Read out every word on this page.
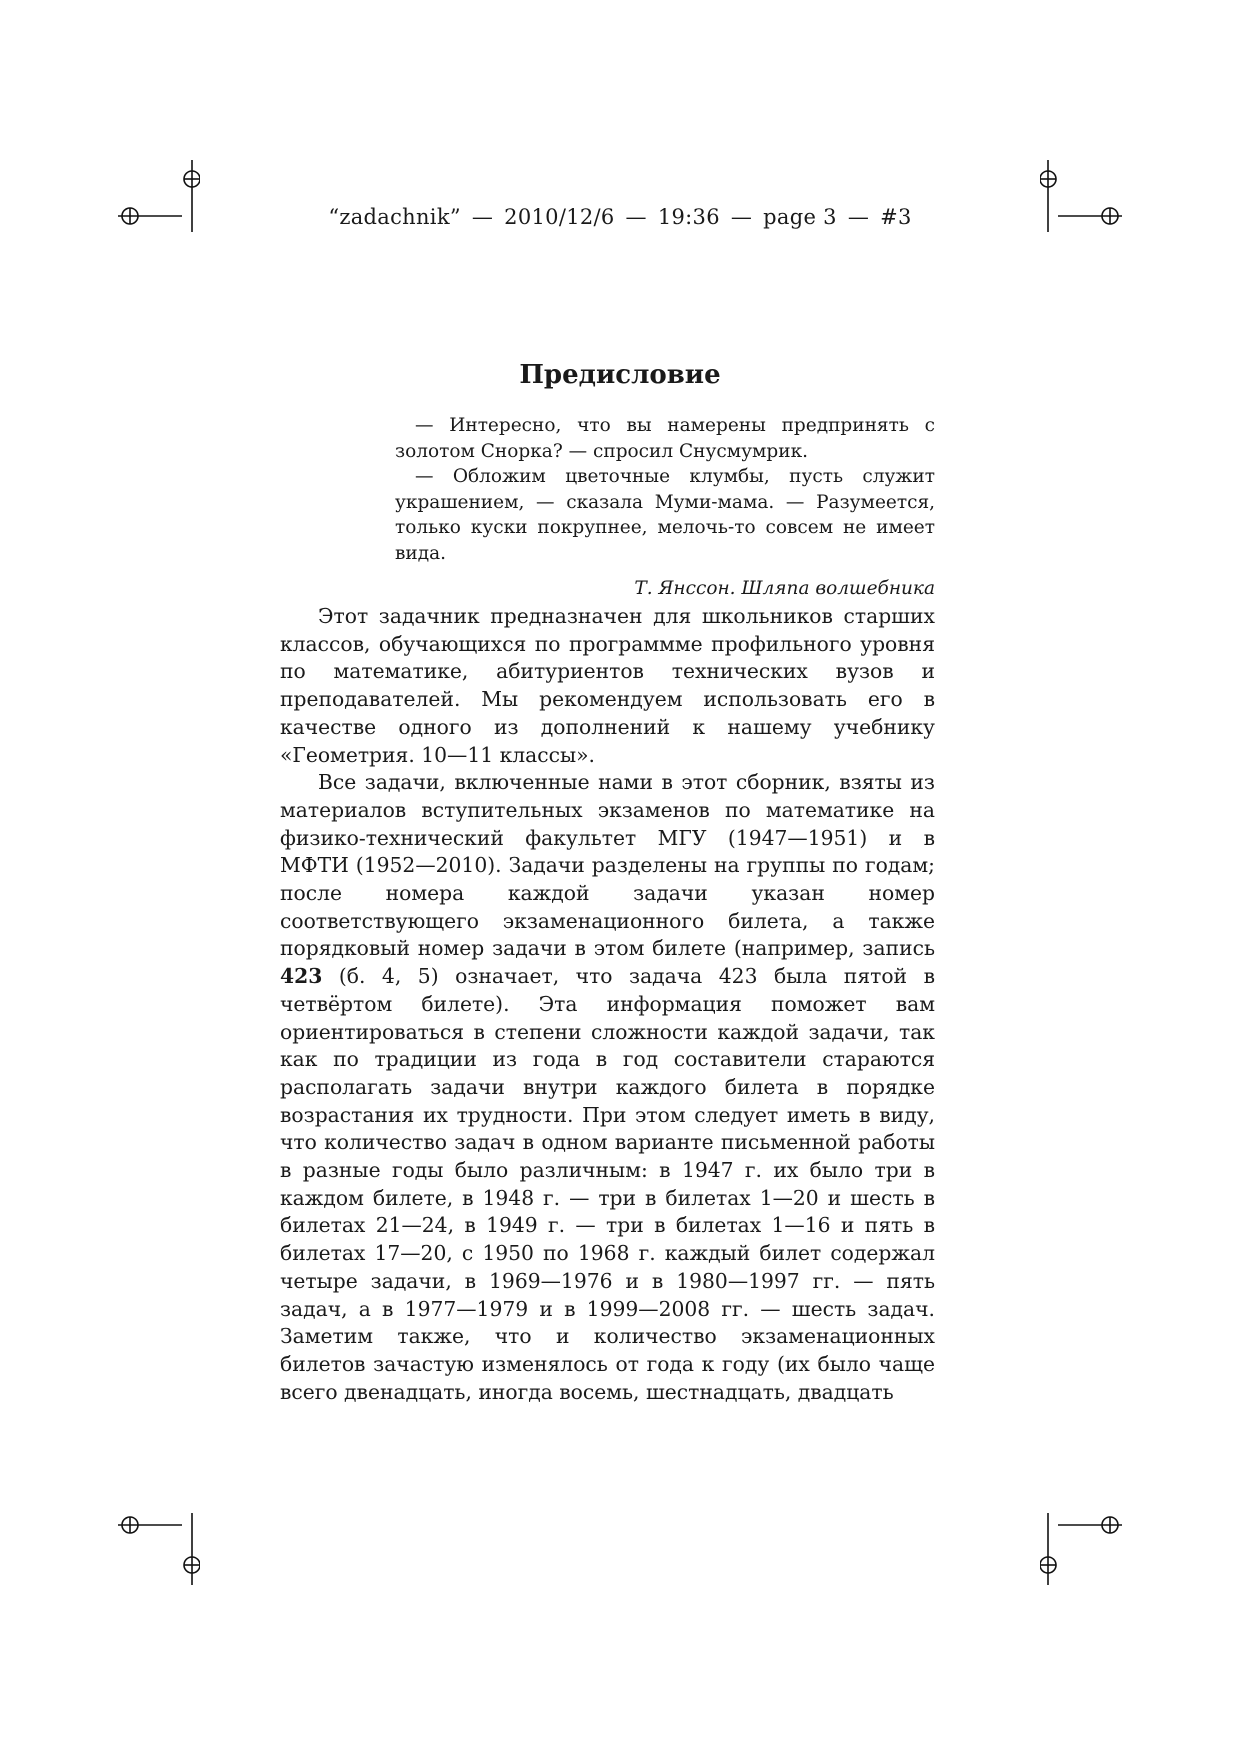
“zadachnik” — 2010/12/6 — 19:36 — page 3 — #3
Предисловие

— Интересно, что вы намерены предпринять с золотом Снорка? — спросил Снусмумрик.

— Обложим цветочные клумбы, пусть служит украшением, — сказала Муми-мама. — Разумеется, только куски покрупнее, мелочь-то совсем не имеет вида.

Т. Янссон. Шляпа волшебника

Этот задачник предназначен для школьников старших классов, обучающихся по программме профильного уровня по математике, абитуриентов технических вузов и преподавателей. Мы рекомендуем использовать его в качестве одного из дополнений к нашему учебнику «Геометрия. 10—11 классы».

Все задачи, включенные нами в этот сборник, взяты из материалов вступительных экзаменов по математике на физико-технический факультет МГУ (1947—1951) и в МФТИ (1952—2010). Задачи разделены на группы по годам; после номера каждой задачи указан номер соответствующего экзаменационного билета, а также порядковый номер задачи в этом билете (например, запись 423 (б. 4, 5) означает, что задача 423 была пятой в четвёртом билете). Эта информация поможет вам ориентироваться в степени сложности каждой задачи, так как по традиции из года в год составители стараются располагать задачи внутри каждого билета в порядке возрастания их трудности. При этом следует иметь в виду, что количество задач в одном варианте письменной работы в разные годы было различным: в 1947 г. их было три в каждом билете, в 1948 г. — три в билетах 1—20 и шесть в билетах 21—24, в 1949 г. — три в билетах 1—16 и пять в билетах 17—20, с 1950 по 1968 г. каждый билет содержал четыре задачи, в 1969—1976 и в 1980—1997 гг. — пять задач, а в 1977—1979 и в 1999—2008 гг. — шесть задач. Заметим также, что и количество экзаменационных билетов зачастую изменялось от года к году (их было чаще всего двенадцать, иногда восемь, шестнадцать, двадцать
